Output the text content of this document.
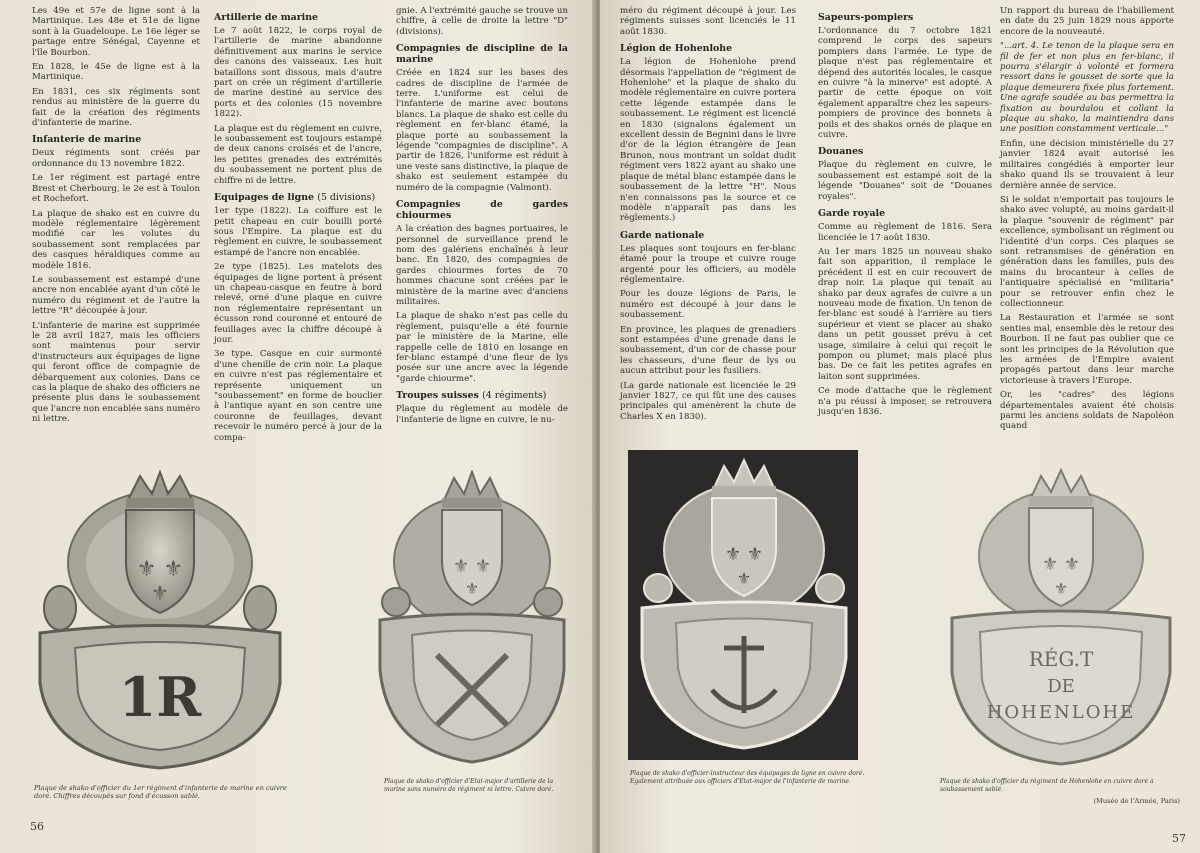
Les 49e et 57e de ligne sont à la Martinique. Les 48e et 51e de ligne sont à la Guadeloupe. Le 16e léger se partage entre Sénégal, Cayenne et l'île Bourbon.

En 1828, le 45e de ligne est à la Martinique.

En 1831, ces six régiments sont rendus au ministère de la guerre du fait de la création des régiments d'infanterie de marine.

Infanterie de marine

Deux régiments sont créés par ordonnance du 13 novembre 1822.

Le 1er régiment est partagé entre Brest et Cherbourg, le 2e est à Toulon et Rochefort.

La plaque de shako est en cuivre du modèle réglementaire légèrement modifié car les volutes du soubassement sont remplacées par des casques héraldiques comme au modèle 1816.

Le soubassement est estampé d'une ancre non encablée ayant d'un côté le numéro du régiment et de l'autre la lettre "R" découpée à jour.

L'infanterie de marine est supprimée le 28 avril 1827, mais les officiers sont maintenus pour servir d'instructeurs aux équipages de ligne qui feront office de compagnie de débarquement aux colonies. Dans ce cas la plaque de shako des officiers ne présente plus dans le soubassement que l'ancre non encablée sans numéro ni lettre.

Artillerie de marine

Le 7 août 1822, le corps royal de l'artillerie de marine abandonne définitivement aux marins le service des canons des vaisseaux. Les huit bataillons sont dissous, mais d'autre part on crée un régiment d'artillerie de marine destiné au service des ports et des colonies (15 novembre 1822).

La plaque est du règlement en cuivre, le soubassement est toujours estampé de deux canons croisés et de l'ancre, les petites grenades des extrémités du soubassement ne portent plus de chiffre ni de lettre.

Equipages de ligne (5 divisions)

1er type (1822). La coiffure est le petit chapeau en cuir bouilli porté sous l'Empire. La plaque est du règlement en cuivre, le soubassement estampé de l'ancre non encablée.

2e type (1825). Les matelots des équipages de ligne portent à présent un chapeau-casque en feutre à bord relevé, orné d'une plaque en cuivre non réglementaire représentant un écusson rond couronné et entouré de feuillages avec la chiffre découpé à jour.

3e type. Casque en cuir surmonté d'une chenille de crin noir. La plaque en cuivre n'est pas réglementaire et représente uniquement un "soubassement" en forme de bouclier à l'antique ayant en son centre une couronne de feuillages, devant recevoir le numéro percé à jour de la compa-

gnie. A l'extrémité gauche se trouve un chiffre, à celle de droite la lettre "D" (divisions).

Compagnies de discipline de la marine

Créée en 1824 sur les bases des cadres de discipline de l'armée de terre. L'uniforme est celui de l'infanterie de marine avec boutons blancs. La plaque de shako est celle du règlement en fer-blanc étamé, la plaque porte au soubassement la légende "compagnies de discipline". A partir de 1826, l'uniforme est réduit à une veste sans distinctive, la plaque de shako est seulement estampée du numéro de la compagnie (Valmont).

Compagnies de gardes chiourmes

A la création des bagnes portuaires, le personnel de surveillance prend le nom des galériens enchaînés à leur banc. En 1820, des compagnies de gardes chiourmes fortes de 70 hommes chacune sont créées par le ministère de la marine avec d'anciens militaires.

La plaque de shako n'est pas celle du règlement, puisqu'elle a été fournie par le ministère de la Marine, elle rappelle celle de 1810 en losange en fer-blanc estampé d'une fleur de lys posée sur une ancre avec la légende "garde chiourme".

Troupes suisses (4 régiments)

Plaque du règlement au modèle de l'infanterie de ligne en cuivre, le nu-

⚜ ⚜
⚜
1R
Plaque de shako d'officier du 1er régiment d'infanterie de marine en cuivre doré. Chiffres découpés sur fond d'écusson sablé.
⚜ ⚜
⚜
Plaque de shako d'officier d'Etat-major d'artillerie de la marine sans numéro de régiment ni lettre. Cuivre doré.
56

méro du régiment découpé à jour. Les régiments suisses sont licenciés le 11 août 1830.

Légion de Hohenlohe

La légion de Hohenlohe prend désormais l'appellation de "régiment de Hohenlohe" et la plaque de shako du modèle réglementaire en cuivre portera cette légende estampée dans le soubassement. Le régiment est licencié en 1830 (signalons également un excellent dessin de Begnini dans le livre d'or de la légion étrangère de Jean Brunon, nous montrant un soldat dudit régiment vers 1822 ayant au shako une plaque de métal blanc estampée dans le soubassement de la lettre "H". Nous n'en connaissons pas la source et ce modèle n'apparaît pas dans les règlements.)

Garde nationale

Les plaques sont toujours en fer-blanc étamé pour la troupe et cuivre rouge argenté pour les officiers, au modèle réglementaire.

Pour les douze légions de Paris, le numéro est découpé à jour dans le soubassement.

En province, les plaques de grenadiers sont estampées d'une grenade dans le soubassement, d'un cor de chasse pour les chasseurs, d'une fleur de lys ou aucun attribut pour les fusiliers.

(La garde nationale est licenciée le 29 janvier 1827, ce qui fût une des causes principales qui amenèrent la chute de Charles X en 1830).

Sapeurs-pompiers

L'ordonnance du 7 octobre 1821 comprend le corps des sapeurs pompiers dans l'armée. Le type de plaque n'est pas réglementaire et dépend des autorités locales, le casque en cuivre "à la minerve" est adopté. A partir de cette époque on voit également apparaître chez les sapeurs-pompiers de province des bonnets à poils et des shakos ornés de plaque en cuivre.

Douanes

Plaque du règlement en cuivre, le soubassement est estampé soit de la légende "Douanes" soit de "Douanes royales".

Garde royale

Comme au règlement de 1816. Sera licenciée le 17 août 1830.

Au 1er mars 1825 un nouveau shako fait son apparition, il remplace le précédent il est en cuir recouvert de drap noir. La plaque qui tenait au shako par deux agrafes de cuivre a un nouveau mode de fixation. Un tenon de fer-blanc est soudé à l'arrière au tiers supérieur et vient se placer au shako dans un petit gousset prévu à cet usage, similaire à celui qui reçoit le pompon ou plumet; mais placé plus bas. De ce fait les petites agrafes en laiton sont supprimées.

Ce mode d'attache que le règlement n'a pu réussi à imposer, se retrouvera jusqu'en 1836.

Un rapport du bureau de l'habillement en date du 25 juin 1829 nous apporte encore de la nouveauté.

"...art. 4. Le tenon de la plaque sera en fil de fer et non plus en fer-blanc, il pourra s'élargir à volonté et formera ressort dans le gousset de sorte que la plaque demeurera fixée plus fortement. Une agrafe soudée au bas permettra la fixation au bourdalou et collant la plaque au shako, la maintiendra dans une position constamment verticale..."

Enfin, une décision ministérielle du 27 janvier 1824 avait autorisé les militaires congédiés à emporter leur shako quand ils se trouvaient à leur dernière année de service.

Si le soldat n'emportait pas toujours le shako avec volupté, au moins gardait-il la plaque "souvenir de régiment" par excellence, symbolisant un régiment ou l'identité d'un corps. Ces plaques se sont retransmises de génération en génération dans les familles, puis des mains du brocanteur à celles de l'antiquaire spécialisé en "militaria" pour se retrouver enfin chez le collectionneur.

La Restauration et l'armée se sont senties mal, ensemble dès le retour des Bourbon. Il ne faut pas oublier que ce sont les principes de la Révolution que les armées de l'Empire avaient propagés partout dans leur marche victorieuse à travers l'Europe.

Or, les "cadres" des légions départementales avaient été choisis parmi les anciens soldats de Napoléon quand

⚜ ⚜
⚜
Plaque de shako d'officier-instructeur des équipages de ligne en cuivre doré. Egalement attribuée aux officiers d'Etat-major de l'infanterie de marine.
⚜ ⚜
⚜
RÉG.T
DE
HOHENLOHE
Plaque de shako d'officier du régiment de Hohenlohe en cuivre doré à soubassement sablé.
(Musée de l'Armée, Paris)
57
